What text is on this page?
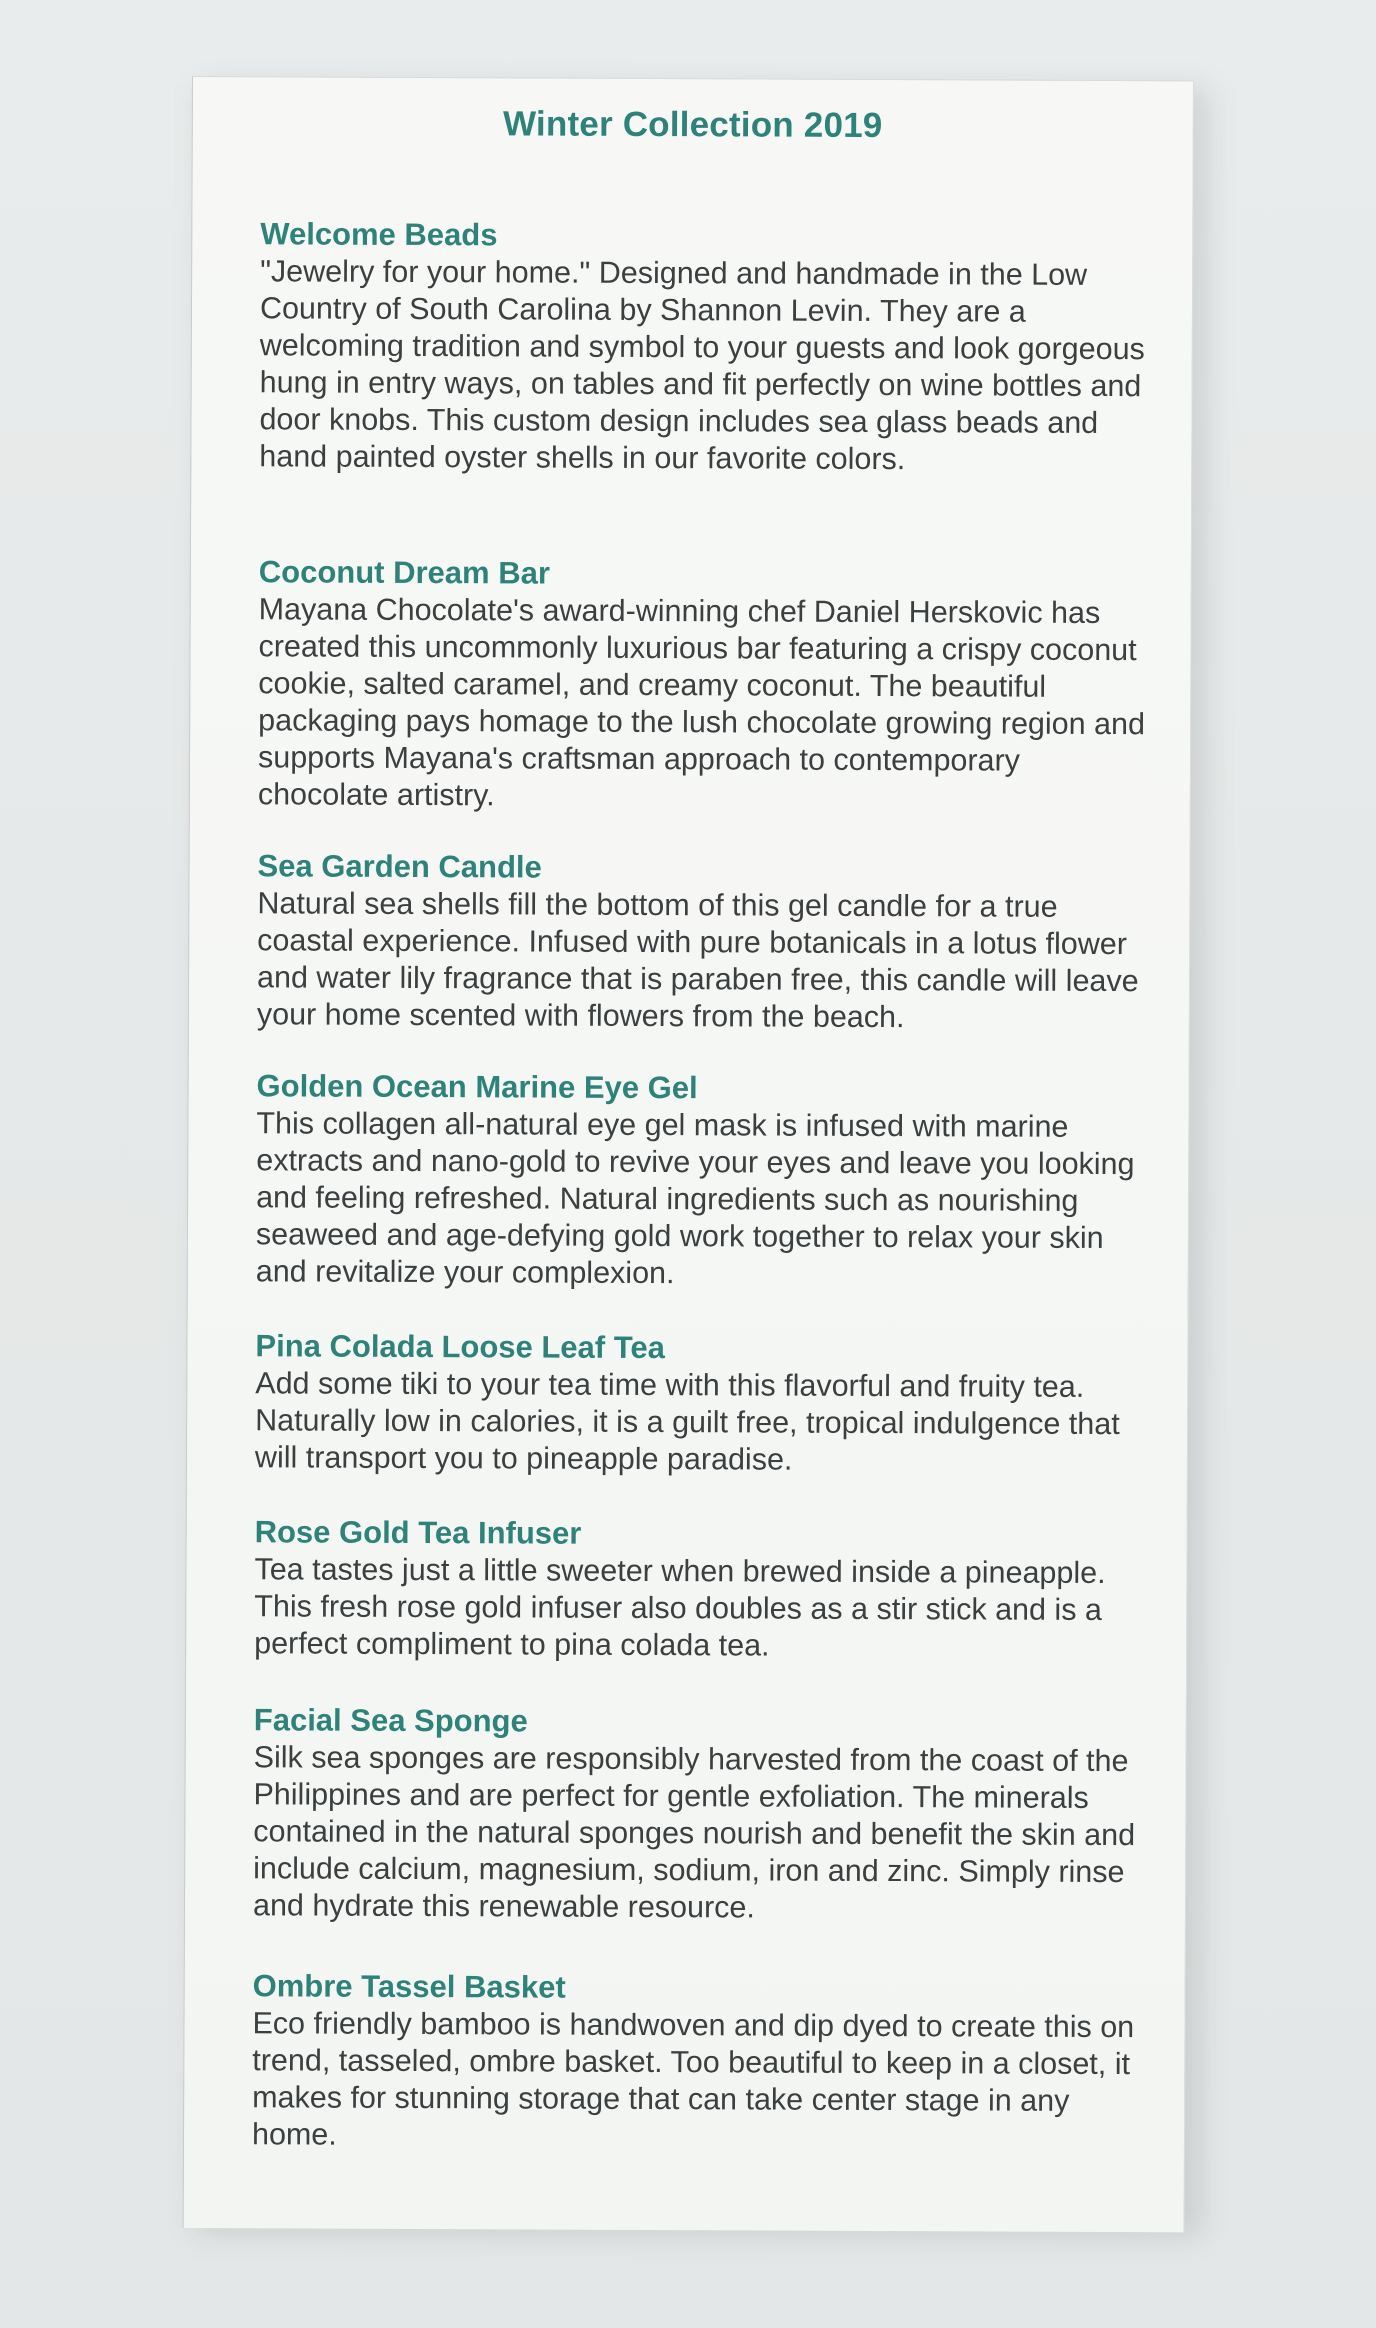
Winter Collection 2019

Welcome Beads

"Jewelry for your home." Designed and handmade in the Low Country of South Carolina by Shannon Levin. They are a welcoming tradition and symbol to your guests and look gorgeous hung in entry ways, on tables and fit perfectly on wine bottles and door knobs. This custom design includes sea glass beads and hand painted oyster shells in our favorite colors.

Coconut Dream Bar

Mayana Chocolate's award-winning chef Daniel Herskovic has created this uncommonly luxurious bar featuring a crispy coconut cookie, salted caramel, and creamy coconut. The beautiful packaging pays homage to the lush chocolate growing region and supports Mayana's craftsman approach to contemporary chocolate artistry.

Sea Garden Candle

Natural sea shells fill the bottom of this gel candle for a true coastal experience. Infused with pure botanicals in a lotus flower and water lily fragrance that is paraben free, this candle will leave your home scented with flowers from the beach.

Golden Ocean Marine Eye Gel

This collagen all-natural eye gel mask is infused with marine extracts and nano-gold to revive your eyes and leave you looking and feeling refreshed. Natural ingredients such as nourishing seaweed and age-defying gold work together to relax your skin and revitalize your complexion.

Pina Colada Loose Leaf Tea

Add some tiki to your tea time with this flavorful and fruity tea. Naturally low in calories, it is a guilt free, tropical indulgence that will transport you to pineapple paradise.

Rose Gold Tea Infuser

Tea tastes just a little sweeter when brewed inside a pineapple. This fresh rose gold infuser also doubles as a stir stick and is a perfect compliment to pina colada tea.

Facial Sea Sponge

Silk sea sponges are responsibly harvested from the coast of the Philippines and are perfect for gentle exfoliation. The minerals contained in the natural sponges nourish and benefit the skin and include calcium, magnesium, sodium, iron and zinc. Simply rinse and hydrate this renewable resource.

Ombre Tassel Basket

Eco friendly bamboo is handwoven and dip dyed to create this on trend, tasseled, ombre basket. Too beautiful to keep in a closet, it makes for stunning storage that can take center stage in any home.
